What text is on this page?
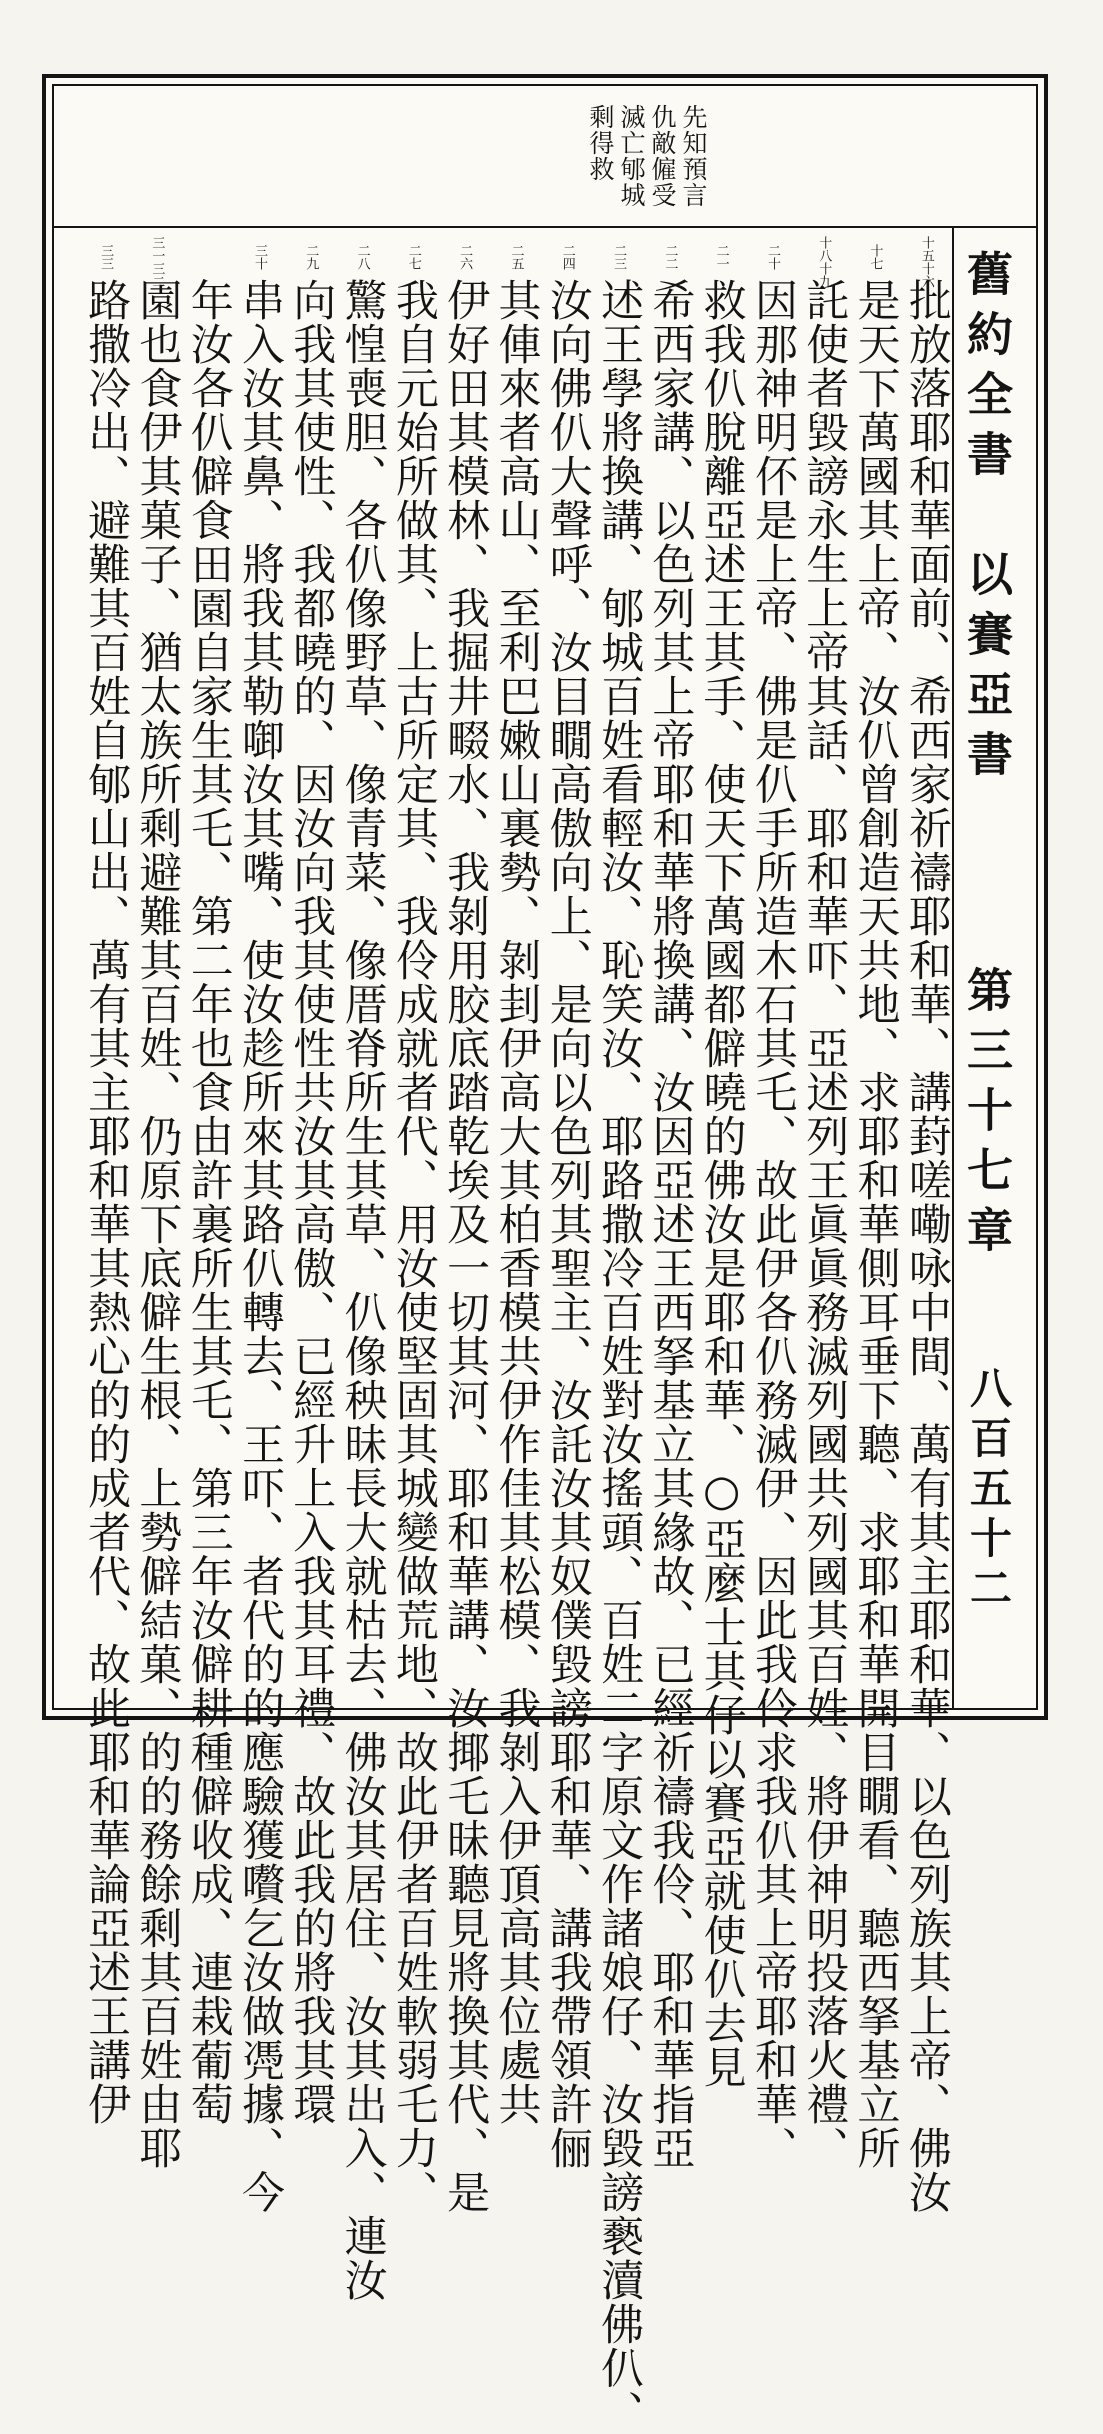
先知預言

仇敵僱受

滅亡郇城

剩得救

舊約全書　以賽亞書

第三十七章

八百五十二

十五十六

批放落耶和華面前、希西家祈禱耶和華、講葑嗟嘞咏中間、萬有其主耶和華、以色列族其上帝、佛汝

十七

是天下萬國其上帝、汝仈曾創造天共地、求耶和華側耳垂下聽、求耶和華開目瞯看、聽西拏基立所

十八十九

託使者毀謗永生上帝其話、耶和華吓、亞述列王眞眞務滅列國共列國其百姓、將伊神明投落火禮、

二十

因那神明伓是上帝、佛是仈手所造木石其乇、故此伊各仈務滅伊、因此我伶求我仈其上帝耶和華、

二一

救我仈脫離亞述王其手、使天下萬國都僻曉的佛汝是耶和華、○亞麼士其仔以賽亞就使仈去見

二二

希西家講、以色列其上帝耶和華將換講、汝因亞述王西拏基立其緣故、已經祈禱我伶、耶和華指亞

二三

述王學將換講、郇城百姓看輕汝、恥笑汝、耶路撒冷百姓對汝搖頭、百姓二字原文作諸娘仔、汝毀謗褻瀆佛仈、

二四

汝向佛仈大聲呼、汝目瞯高傲向上、是向以色列其聖主、汝託汝其奴僕毀謗耶和華、講我帶領許俪

二五

其俥來者高山、至利巴嫩山裏勢、剝刲伊高大其柏香模共伊作佳其松模、我剝入伊頂高其位處共

二六

伊好田其模林、我掘井畷水、我剝用胶底踏乾埃及一切其河、耶和華講、汝揶乇昧聽見將換其代、是

二七

我自元始所做其、上古所定其、我伶成就者代、用汝使堅固其城變做荒地、故此伊者百姓軟弱乇力、

二八

驚惶喪胆、各仈像野草、像青菜、像厝脊所生其草、仈像秧昧長大就枯去、佛汝其居住、汝其出入、連汝

二九

向我其使性、我都曉的、因汝向我其使性共汝其高傲、已經升上入我其耳禮、故此我的將我其環

三十

串入汝其鼻、將我其勒啣汝其嘴、使汝趁所來其路仈轉去、王吓、者代的的應驗獲嚽乞汝做凴據、今

年汝各仈僻食田園自家生其乇、第二年也食由許裏所生其乇、第三年汝僻耕種僻收成、連栽葡萄

三一三二

園也食伊其菓子、猶太族所剩避難其百姓、仍原下底僻生根、上勢僻結菓、的的務餘剩其百姓由耶

三三

路撒冷出、避難其百姓自郇山出、萬有其主耶和華其熱心的的成者代、故此耶和華論亞述王講伊
